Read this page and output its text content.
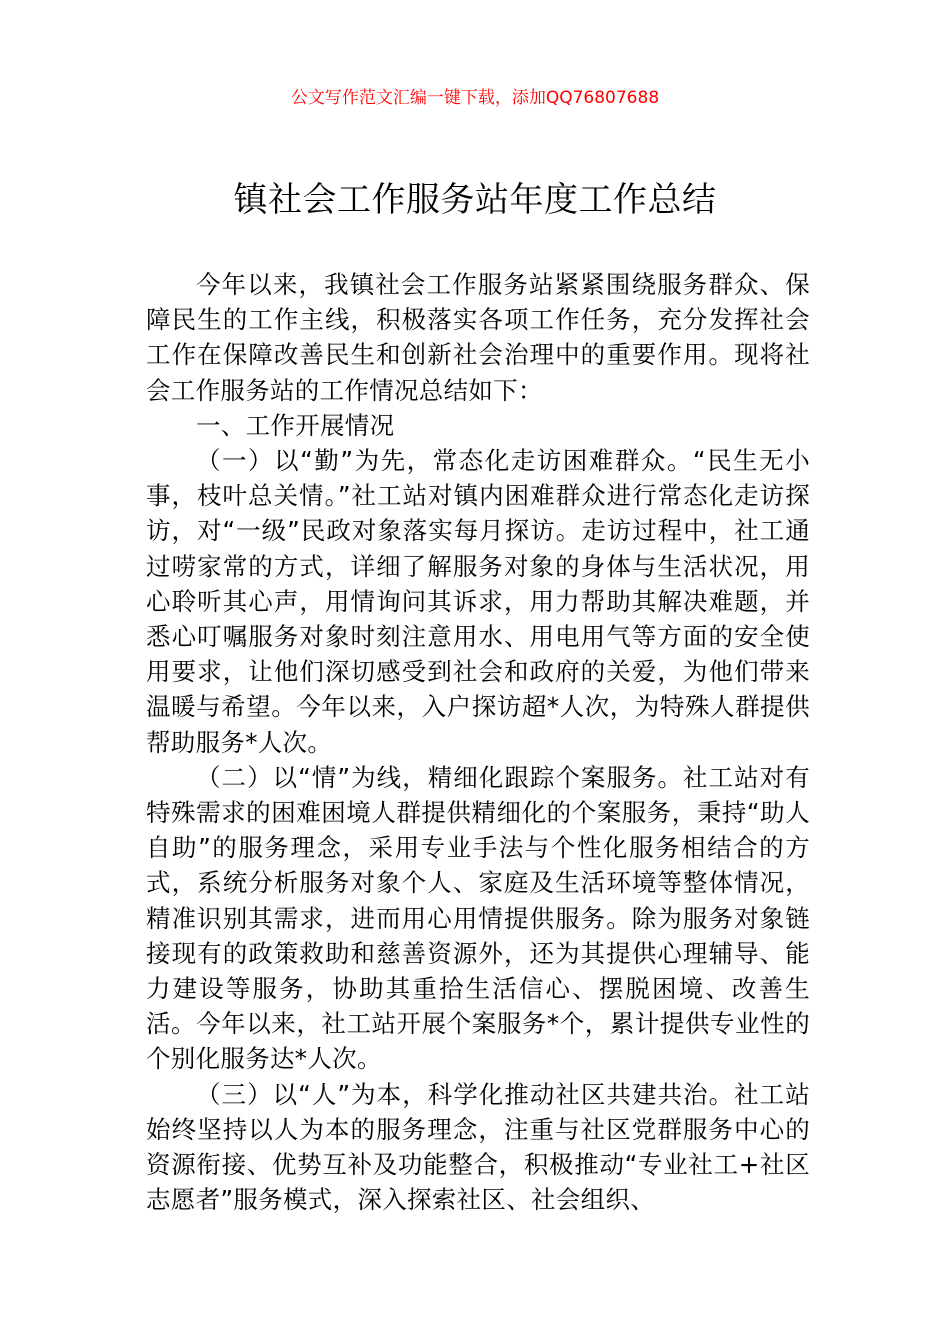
公文写作范文汇编一键下载，添加QQ76807688

镇社会工作服务站年度工作总结

今年以来，我镇社会工作服务站紧紧围绕服务群众、保障民生的工作主线，积极落实各项工作任务，充分发挥社会工作在保障改善民生和创新社会治理中的重要作用。现将社会工作服务站的工作情况总结如下：

一、工作开展情况

（一）以“勤”为先，常态化走访困难群众。“民生无小事，枝叶总关情。”社工站对镇内困难群众进行常态化走访探访，对“一级”民政对象落实每月探访。走访过程中，社工通过唠家常的方式，详细了解服务对象的身体与生活状况，用心聆听其心声，用情询问其诉求，用力帮助其解决难题，并悉心叮嘱服务对象时刻注意用水、用电用气等方面的安全使用要求，让他们深切感受到社会和政府的关爱，为他们带来温暖与希望。今年以来，入户探访超*人次，为特殊人群提供帮助服务*人次。

（二）以“情”为线，精细化跟踪个案服务。社工站对有特殊需求的困难困境人群提供精细化的个案服务，秉持“助人自助”的服务理念，采用专业手法与个性化服务相结合的方式，系统分析服务对象个人、家庭及生活环境等整体情况，精准识别其需求，进而用心用情提供服务。除为服务对象链接现有的政策救助和慈善资源外，还为其提供心理辅导、能力建设等服务，协助其重拾生活信心、摆脱困境、改善生活。今年以来，社工站开展个案服务*个，累计提供专业性的个别化服务达*人次。

（三）以“人”为本，科学化推动社区共建共治。社工站始终坚持以人为本的服务理念，注重与社区党群服务中心的资源衔接、优势互补及功能整合，积极推动“专业社工+社区志愿者”服务模式，深入探索社区、社会组织、
